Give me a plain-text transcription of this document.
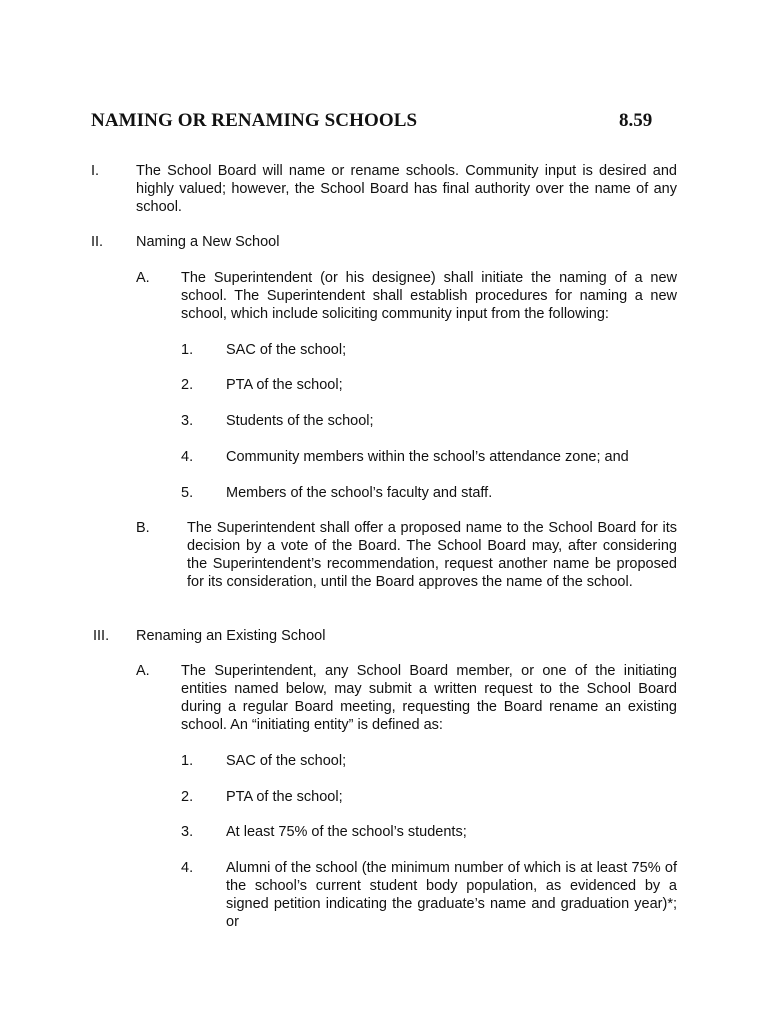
NAMING OR RENAMING SCHOOLS	8.59
I.	The School Board will name or rename schools. Community input is desired and highly valued; however, the School Board has final authority over the name of any school.
II. Naming a New School
A. The Superintendent (or his designee) shall initiate the naming of a new school. The Superintendent shall establish procedures for naming a new school, which include soliciting community input from the following:
1. SAC of the school;
2. PTA of the school;
3. Students of the school;
4. Community members within the school’s attendance zone; and
5. Members of the school’s faculty and staff.
B.	The Superintendent shall offer a proposed name to the School Board for its decision by a vote of the Board. The School Board may, after considering the Superintendent’s recommendation, request another name be proposed for its consideration, until the Board approves the name of the school.
III. Renaming an Existing School
A. The Superintendent, any School Board member, or one of the initiating entities named below, may submit a written request to the School Board during a regular Board meeting, requesting the Board rename an existing school. An “initiating entity” is defined as:
1. SAC of the school;
2. PTA of the school;
3. At least 75% of the school’s students;
4. Alumni of the school (the minimum number of which is at least 75% of the school’s current student body population, as evidenced by a signed petition indicating the graduate’s name and graduation year)*; or
